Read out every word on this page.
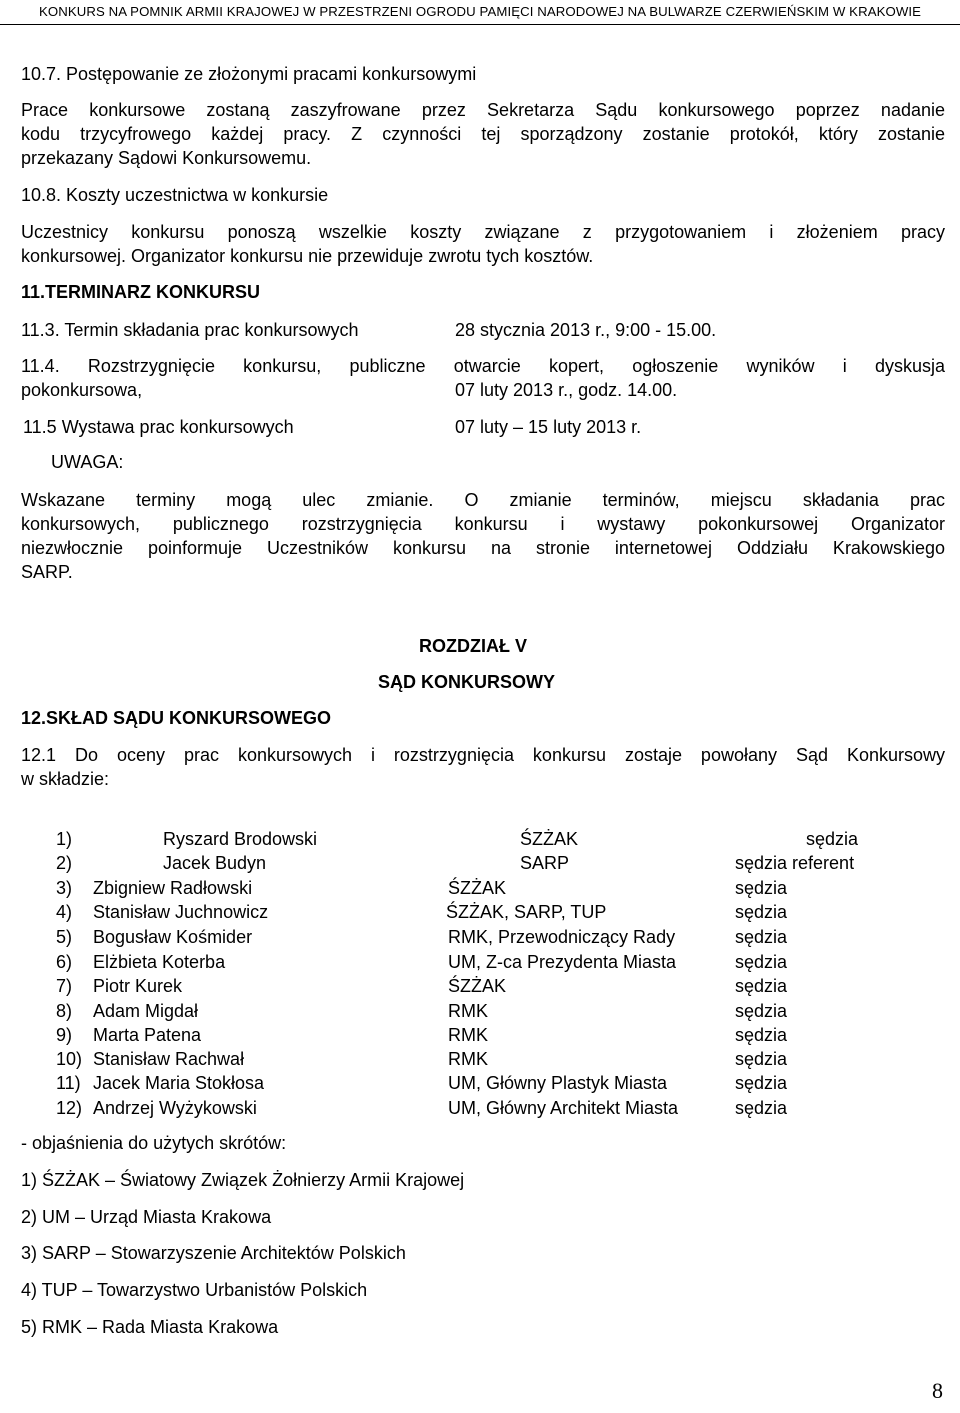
KONKURS NA POMNIK ARMII KRAJOWEJ W PRZESTRZENI OGRODU PAMIĘCI NARODOWEJ NA BULWARZE CZERWIEŃSKIM W KRAKOWIE
10.7. Postępowanie ze złożonymi pracami konkursowymi
Prace konkursowe zostaną zaszyfrowane przez Sekretarza Sądu konkursowego poprzez nadanie
kodu trzycyfrowego każdej pracy. Z czynności tej sporządzony zostanie protokół, który zostanie
przekazany Sądowi Konkursowemu.
10.8. Koszty uczestnictwa w konkursie
Uczestnicy konkursu ponoszą wszelkie koszty związane z przygotowaniem i złożeniem pracy
konkursowej. Organizator konkursu nie przewiduje zwrotu tych kosztów.
11.TERMINARZ KONKURSU
11.3. Termin składania prac konkursowych	28 stycznia 2013 r., 9:00 - 15.00.
11.4. Rozstrzygnięcie konkursu, publiczne otwarcie kopert, ogłoszenie wyników i dyskusja
pokonkursowa,	07 luty 2013 r., godz. 14.00.
11.5 Wystawa prac konkursowych	07 luty – 15 luty 2013 r.
UWAGA:
Wskazane terminy mogą ulec zmianie. O zmianie terminów, miejscu składania prac
konkursowych, publicznego rozstrzygnięcia konkursu i wystawy pokonkursowej Organizator
niezwłocznie poinformuje Uczestników konkursu na stronie internetowej Oddziału Krakowskiego
SARP.
ROZDZIAŁ V
SĄD KONKURSOWY
12.SKŁAD SĄDU KONKURSOWEGO
12.1 Do oceny prac konkursowych i rozstrzygnięcia konkursu zostaje powołany Sąd Konkursowy
w składzie:
1)	Ryszard Brodowski	ŚZŻAK	sędzia
2)	Jacek Budyn	SARP	sędzia referent
3) Zbigniew Radłowski	ŚZŻAK	sędzia
4) Stanisław Juchnowicz	ŚZŻAK, SARP, TUP	sędzia
5) Bogusław Kośmider	RMK, Przewodniczący Rady	sędzia
6) Elżbieta Koterba	UM, Z-ca Prezydenta Miasta	sędzia
7) Piotr Kurek	ŚZŻAK	sędzia
8) Adam Migdał	RMK	sędzia
9) Marta Patena	RMK	sędzia
10) Stanisław Rachwał	RMK	sędzia
11) Jacek Maria Stokłosa	UM, Główny Plastyk Miasta	sędzia
12) Andrzej Wyżykowski	UM, Główny Architekt Miasta	sędzia
- objaśnienia do użytych skrótów:
1) ŚZŻAK – Światowy Związek Żołnierzy Armii Krajowej
2) UM – Urząd Miasta Krakowa
3) SARP – Stowarzyszenie Architektów Polskich
4) TUP – Towarzystwo Urbanistów Polskich
5) RMK – Rada Miasta Krakowa
8
